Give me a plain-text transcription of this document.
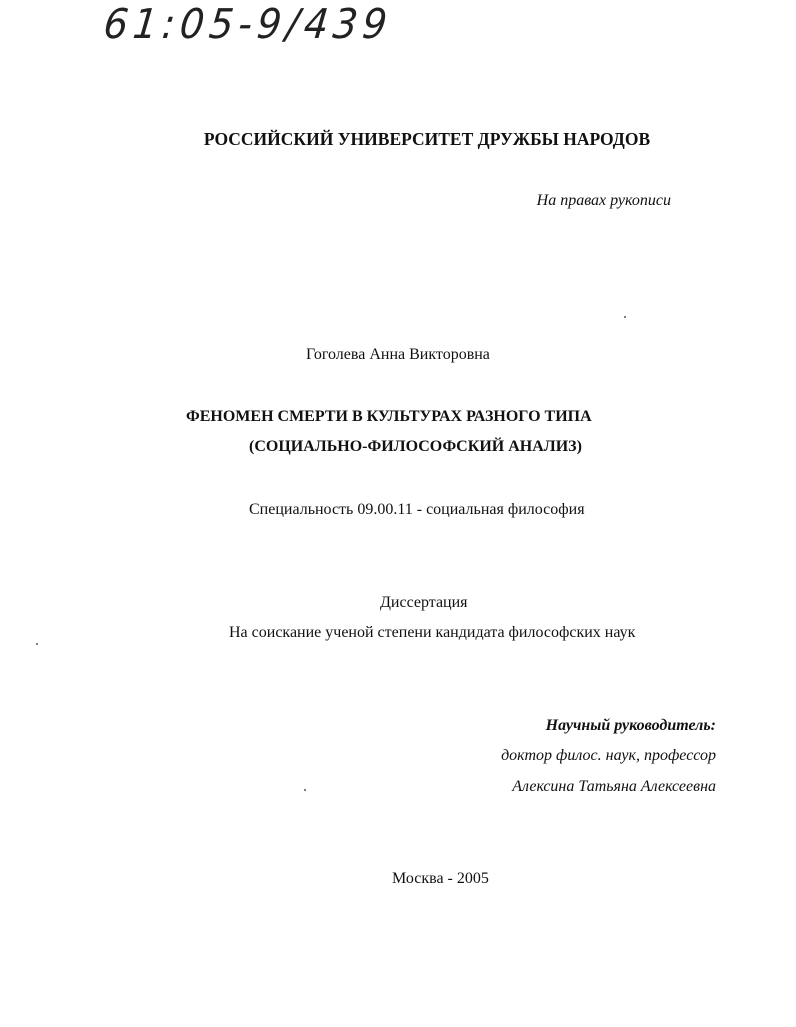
61:05-9/439
РОССИЙСКИЙ УНИВЕРСИТЕТ ДРУЖБЫ НАРОДОВ
На правах рукописи
Гоголева Анна Викторовна
ФЕНОМЕН СМЕРТИ В КУЛЬТУРАХ РАЗНОГО ТИПА
(СОЦИАЛЬНО-ФИЛОСОФСКИЙ АНАЛИЗ)
Специальность 09.00.11 - социальная философия
Диссертация
На соискание ученой степени кандидата философских наук
Научный руководитель:
доктор филос. наук, профессор
Алексина Татьяна Алексеевна
Москва - 2005
